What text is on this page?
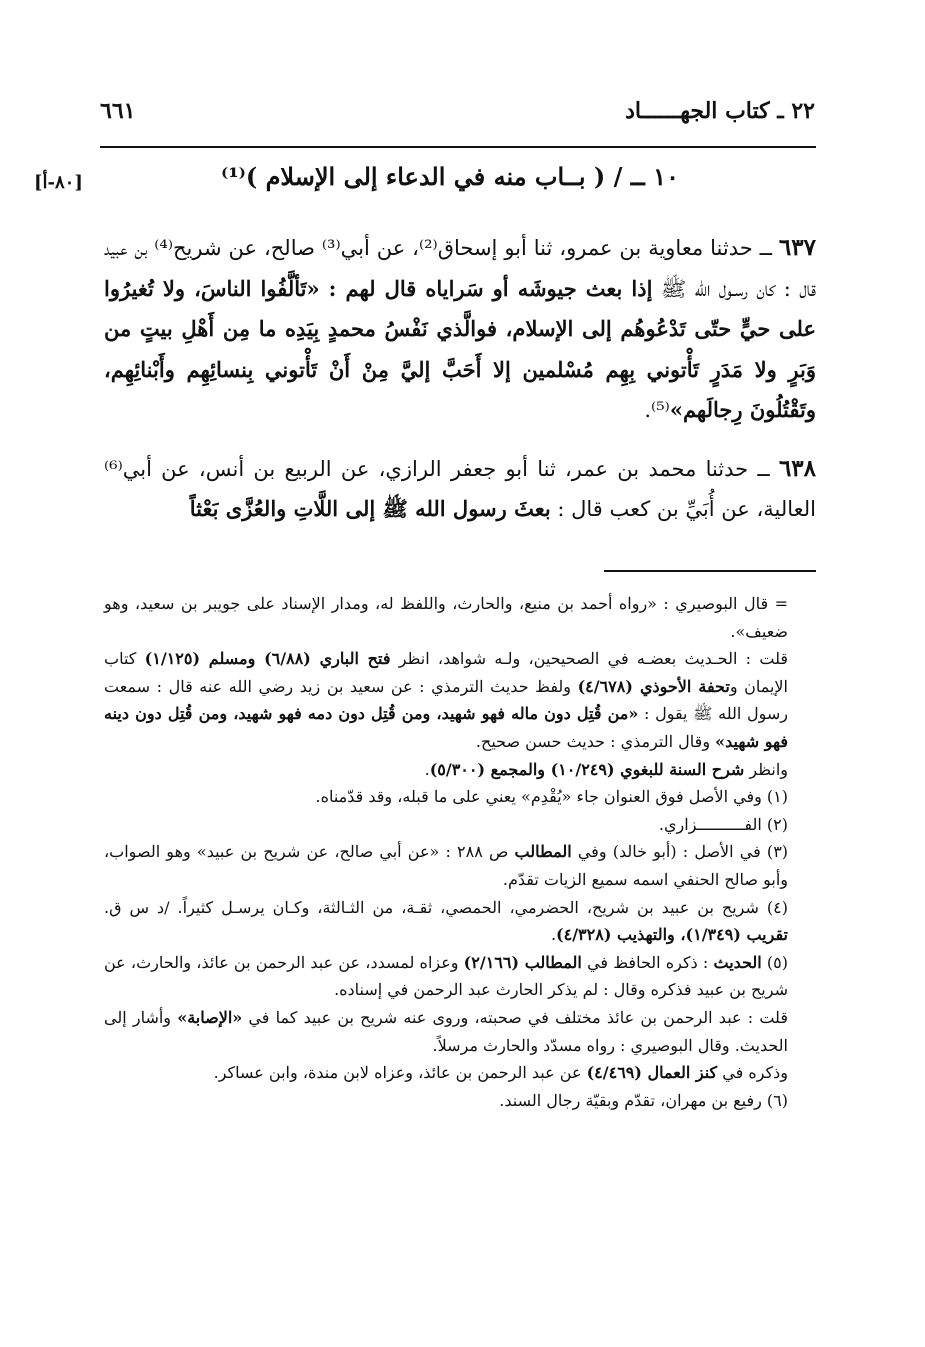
٢٢ ـ كتاب الجهــــــاد
٦٦١
[٨٠-أ]	١٠ ــ / ( بــاب منه في الدعاء إلى الإسلام )⁽¹⁾

٦٣٧ ــ حدثنا معاوية بن عمرو، ثنا أبو إسحاق⁽²⁾، عن أبي⁽³⁾ صالح، عن شريح⁽⁴⁾ بن عبيد قال : كان رسـول الله ﷺ إذا بعث جيوشَه أو سَراياه قال لهم : «تَألَّفُوا الناسَ، ولا تُغيرُوا على حيٍّ حتّى تَدْعُوهُم إلى الإسلام، فوالَّذي نَفْسُ محمدٍ بِيَدِه ما مِن أَهْلِ بيتٍ من وَبَرٍ ولا مَدَرٍ تَأْتوني بِهِم مُسْلمين إلا أَحَبَّ إليَّ مِنْ أَنْ تَأْتوني بِنسائِهِم وأَبْنائِهِم، وتَقْتُلُونَ رِجالَهم»⁽⁵⁾.

٦٣٨ ــ حدثنا محمد بن عمر، ثنا أبو جعفر الرازي، عن الربيع بن أنس، عن أبي⁽⁶⁾ العالية، عن أُبَيِّ بن كعب قال : بعثَ رسول الله ﷺ إلى اللَّاتِ والعُزَّى بَعْثاً

= قال البوصيري : «رواه أحمد بن منيع، والحارث، واللفظ له، ومدار الإسناد على جويبر بن سعيد، وهو ضعيف».

قلت : الحـديث بعضـه في الصحيحين، ولـه شواهد، انظر فتح الباري (٦/٨٨) ومسلم (١/١٢٥) كتاب الإيمان وتحفة الأحوذي (٤/٦٧٨) ولفظ حديث الترمذي : عن سعيد بن زيد رضي الله عنه قال : سمعت رسول الله ﷺ يقول : «من قُتِل دون ماله فهو شهيد، ومن قُتِل دون دمه فهو شهيد، ومن قُتِل دون دينه فهو شهيد» وقال الترمذي : حديث حسن صحيح.

وانظر شرح السنة للبغوي (١٠/٢٤٩) والمجمع (٥/٣٠٠).

(١) وفي الأصل فوق العنوان جاء «يُقْدِم» يعني على ما قبله، وقد قدّمناه.

(٢) الفــــــــــزاري.

(٣) في الأصل : (أبو خالد) وفي المطالب ص ٢٨٨ : «عن أبي صالح، عن شريح بن عبيد» وهو الصواب، وأبو صالح الحنفي اسمه سميع الزيات تقدّم.

(٤) شريح بن عبيد بن شريح، الحضرمي، الحمصي، ثقـة، من الثـالثة، وكـان يرسـل كثيراً. /د س ق. تقريب (١/٣٤٩)، والتهذيب (٤/٣٢٨).

(٥) الحديث : ذكره الحافظ في المطالب (٢/١٦٦) وعزاه لمسدد، عن عبد الرحمن بن عائذ، والحارث، عن شريح بن عبيد فذكره وقال : لم يذكر الحارث عبد الرحمن في إسناده.

قلت : عبد الرحمن بن عائذ مختلف في صحبته، وروى عنه شريح بن عبيد كما في «الإصابة» وأشار إلى الحديث. وقال البوصيري : رواه مسدّد والحارث مرسلاً.

وذكره في كنز العمال (٤/٤٦٩) عن عبد الرحمن بن عائذ، وعزاه لابن مندة، وابن عساكر.

(٦) رفيع بن مهران، تقدّم وبقيّة رجال السند.
